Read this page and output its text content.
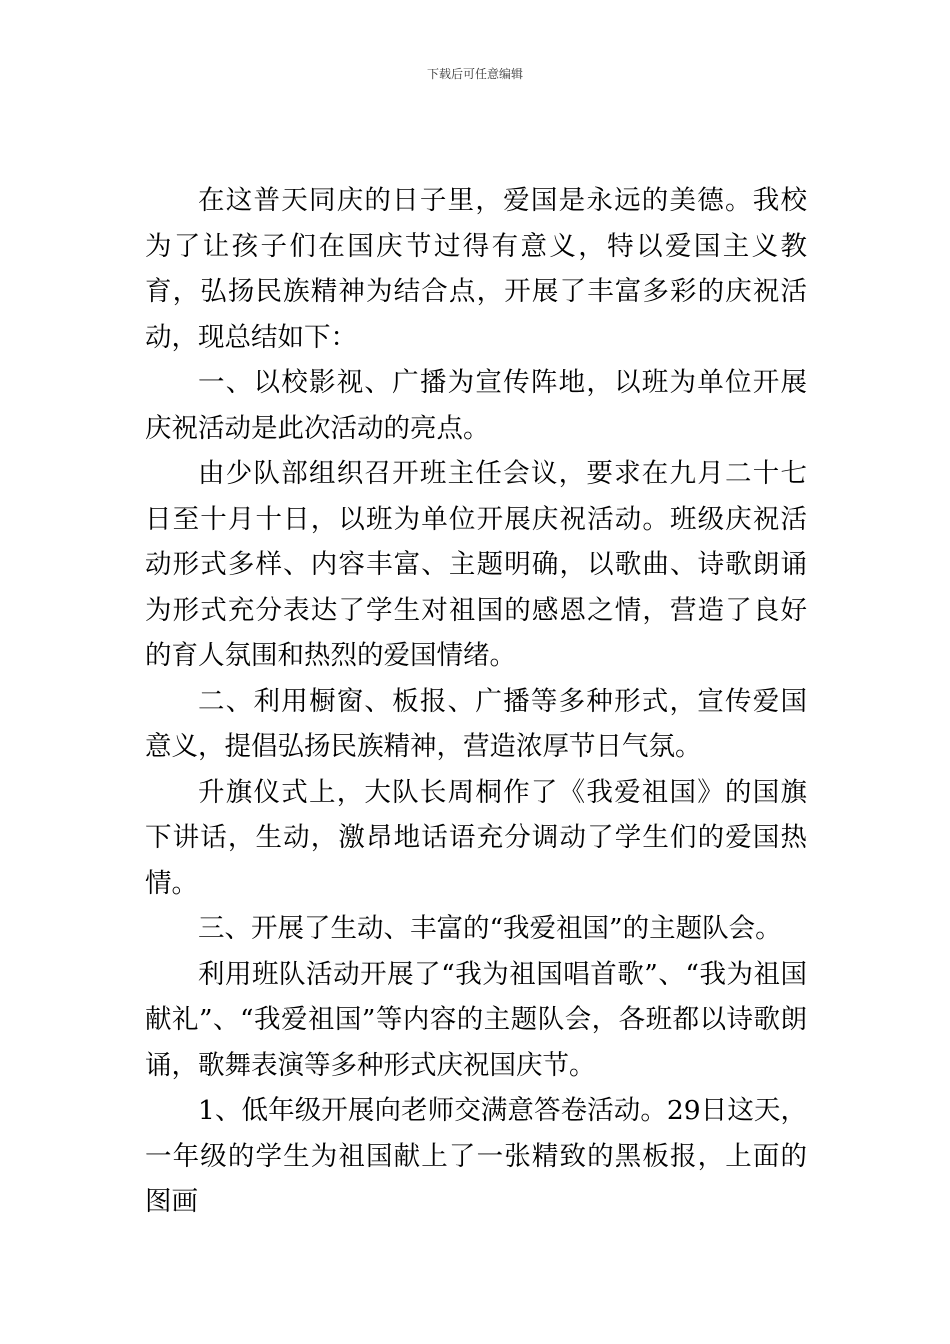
下载后可任意编辑

在这普天同庆的日子里，爱国是永远的美德。我校为了让孩子们在国庆节过得有意义，特以爱国主义教育，弘扬民族精神为结合点，开展了丰富多彩的庆祝活动，现总结如下：

一、以校影视、广播为宣传阵地，以班为单位开展庆祝活动是此次活动的亮点。

由少队部组织召开班主任会议，要求在九月二十七日至十月十日，以班为单位开展庆祝活动。班级庆祝活动形式多样、内容丰富、主题明确，以歌曲、诗歌朗诵为形式充分表达了学生对祖国的感恩之情，营造了良好的育人氛围和热烈的爱国情绪。

二、利用橱窗、板报、广播等多种形式，宣传爱国意义，提倡弘扬民族精神，营造浓厚节日气氛。

升旗仪式上，大队长周桐作了《我爱祖国》的国旗下讲话，生动，激昂地话语充分调动了学生们的爱国热情。

三、开展了生动、丰富的“我爱祖国”的主题队会。

利用班队活动开展了“我为祖国唱首歌”、“我为祖国献礼”、“我爱祖国”等内容的主题队会，各班都以诗歌朗诵，歌舞表演等多种形式庆祝国庆节。

1、低年级开展向老师交满意答卷活动。29日这天，一年级的学生为祖国献上了一张精致的黑板报，上面的图画
